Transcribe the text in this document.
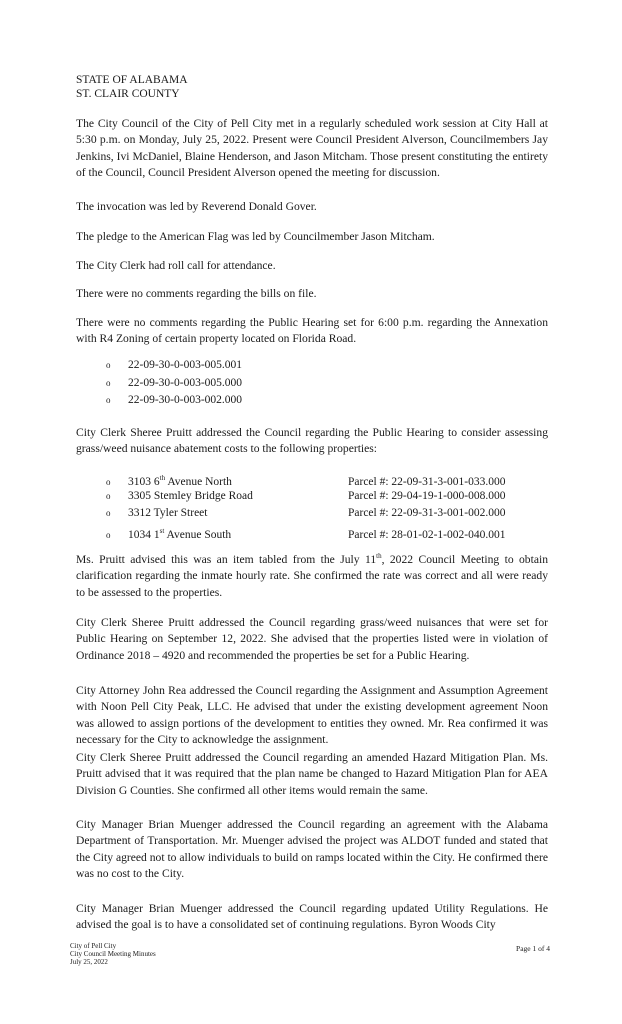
STATE OF ALABAMA
ST. CLAIR COUNTY

The City Council of the City of Pell City met in a regularly scheduled work session at City Hall at 5:30 p.m. on Monday, July 25, 2022. Present were Council President Alverson, Councilmembers Jay Jenkins, Ivi McDaniel, Blaine Henderson, and Jason Mitcham. Those present constituting the entirety of the Council, Council President Alverson opened the meeting for discussion.

The invocation was led by Reverend Donald Gover.

The pledge to the American Flag was led by Councilmember Jason Mitcham.

The City Clerk had roll call for attendance.

There were no comments regarding the bills on file.

There were no comments regarding the Public Hearing set for 6:00 p.m. regarding the Annexation with R4 Zoning of certain property located on Florida Road.

o 22-09-30-0-003-005.001
o 22-09-30-0-003-005.000
o 22-09-30-0-003-002.000

City Clerk Sheree Pruitt addressed the Council regarding the Public Hearing to consider assessing grass/weed nuisance abatement costs to the following properties:

o 3103 6th Avenue North	Parcel #: 22-09-31-3-001-033.000
o 3305 Stemley Bridge Road	Parcel #: 29-04-19-1-000-008.000
o 3312 Tyler Street	Parcel #: 22-09-31-3-001-002.000
o 1034 1st Avenue South	Parcel #: 28-01-02-1-002-040.001

Ms. Pruitt advised this was an item tabled from the July 11th, 2022 Council Meeting to obtain clarification regarding the inmate hourly rate. She confirmed the rate was correct and all were ready to be assessed to the properties.

City Clerk Sheree Pruitt addressed the Council regarding grass/weed nuisances that were set for Public Hearing on September 12, 2022. She advised that the properties listed were in violation of Ordinance 2018 – 4920 and recommended the properties be set for a Public Hearing.

City Attorney John Rea addressed the Council regarding the Assignment and Assumption Agreement with Noon Pell City Peak, LLC. He advised that under the existing development agreement Noon was allowed to assign portions of the development to entities they owned. Mr. Rea confirmed it was necessary for the City to acknowledge the assignment.

City Clerk Sheree Pruitt addressed the Council regarding an amended Hazard Mitigation Plan. Ms. Pruitt advised that it was required that the plan name be changed to Hazard Mitigation Plan for AEA Division G Counties. She confirmed all other items would remain the same.

City Manager Brian Muenger addressed the Council regarding an agreement with the Alabama Department of Transportation. Mr. Muenger advised the project was ALDOT funded and stated that the City agreed not to allow individuals to build on ramps located within the City. He confirmed there was no cost to the City.

City Manager Brian Muenger addressed the Council regarding updated Utility Regulations. He advised the goal is to have a consolidated set of continuing regulations. Byron Woods City

City of Pell City
City Council Meeting Minutes
July 25, 2022
Page 1 of 4
